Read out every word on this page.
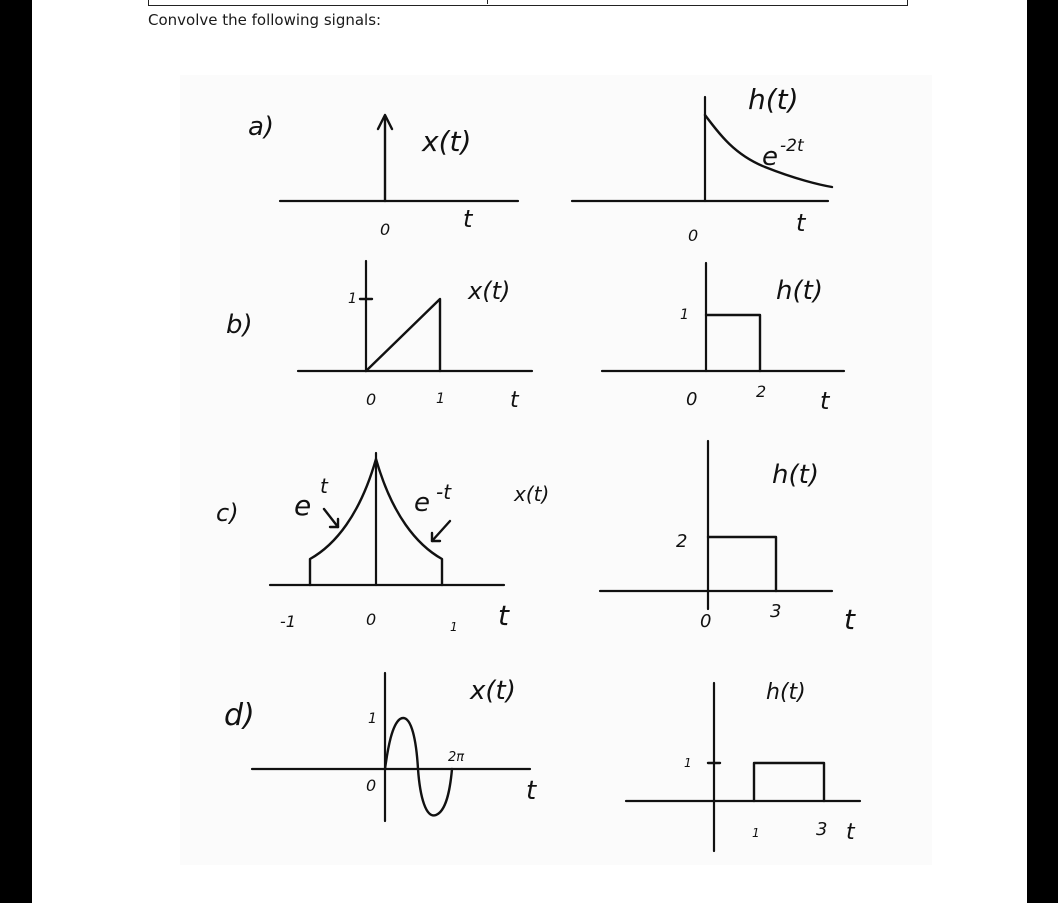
Convolve the following signals:
a)	x(t)
0	t
h(t)
e -2t
0	t
b)
1	x(t)
0	1	t
1
h(t)
0	2 t
c) e
t
e -t	x(t)
-1	0	1 t
2
h(t)
0	3 t
d)	1
x(t)
0
2π
t
1
h(t)
1	3 t
